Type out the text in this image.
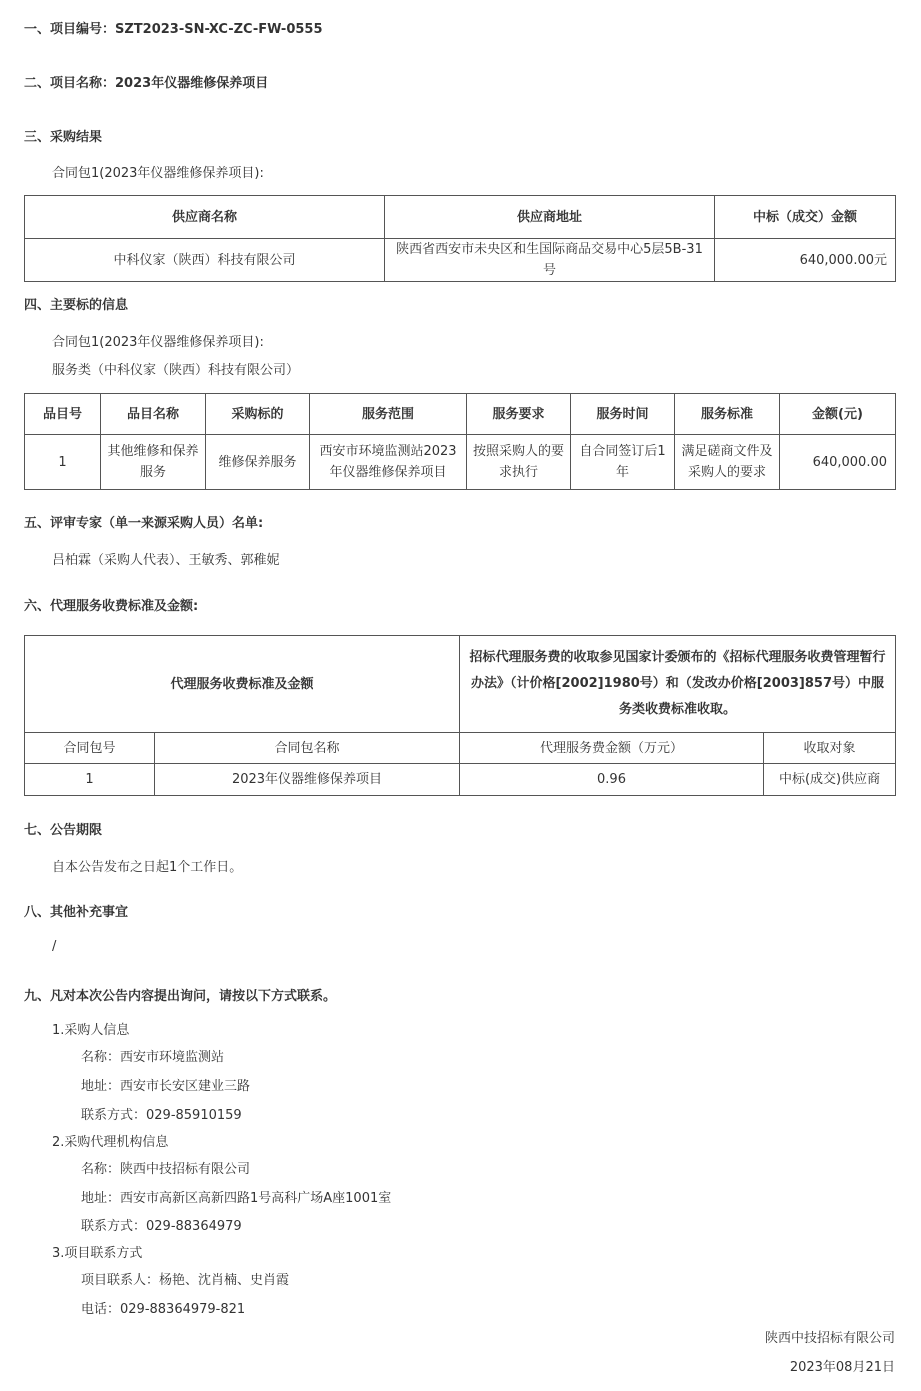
一、项目编号：SZT2023-SN-XC-ZC-FW-0555
二、项目名称：2023年仪器维修保养项目
三、采购结果
合同包1(2023年仪器维修保养项目):
供应商名称	供应商地址	中标（成交）金额
中科仪家（陕西）科技有限公司	陕西省西安市未央区和生国际商品交易中心5层5B-31号	640,000.00元
四、主要标的信息
合同包1(2023年仪器维修保养项目):
服务类（中科仪家（陕西）科技有限公司）
品目号	品目名称	采购标的	服务范围	服务要求	服务时间	服务标准	金额(元)
1	其他维修和保养服务	维修保养服务	西安市环境监测站2023年仪器维修保养项目	按照采购人的要求执行	自合同签订后1年	满足磋商文件及采购人的要求	640,000.00
五、评审专家（单一来源采购人员）名单:
吕柏霖（采购人代表）、王敏秀、郭稚妮
六、代理服务收费标准及金额:
代理服务收费标准及金额		招标代理服务费的收取参见国家计委颁布的《招标代理服务收费管理暂行办法》（计价格[2002]1980号）和（发改办价格[2003]857号）中服务类收费标准收取。	
合同包号	合同包名称	代理服务费金额（万元）	收取对象
1	2023年仪器维修保养项目	0.96	中标(成交)供应商
七、公告期限
自本公告发布之日起1个工作日。
八、其他补充事宜
/
九、凡对本次公告内容提出询问，请按以下方式联系。
1.采购人信息
名称：西安市环境监测站
地址：西安市长安区建业三路
联系方式：029-85910159
2.采购代理机构信息
名称：陕西中技招标有限公司
地址：西安市高新区高新四路1号高科广场A座1001室
联系方式：029-88364979
3.项目联系方式
项目联系人：杨艳、沈肖楠、史肖霞
电话：029-88364979-821
陕西中技招标有限公司
2023年08月21日
